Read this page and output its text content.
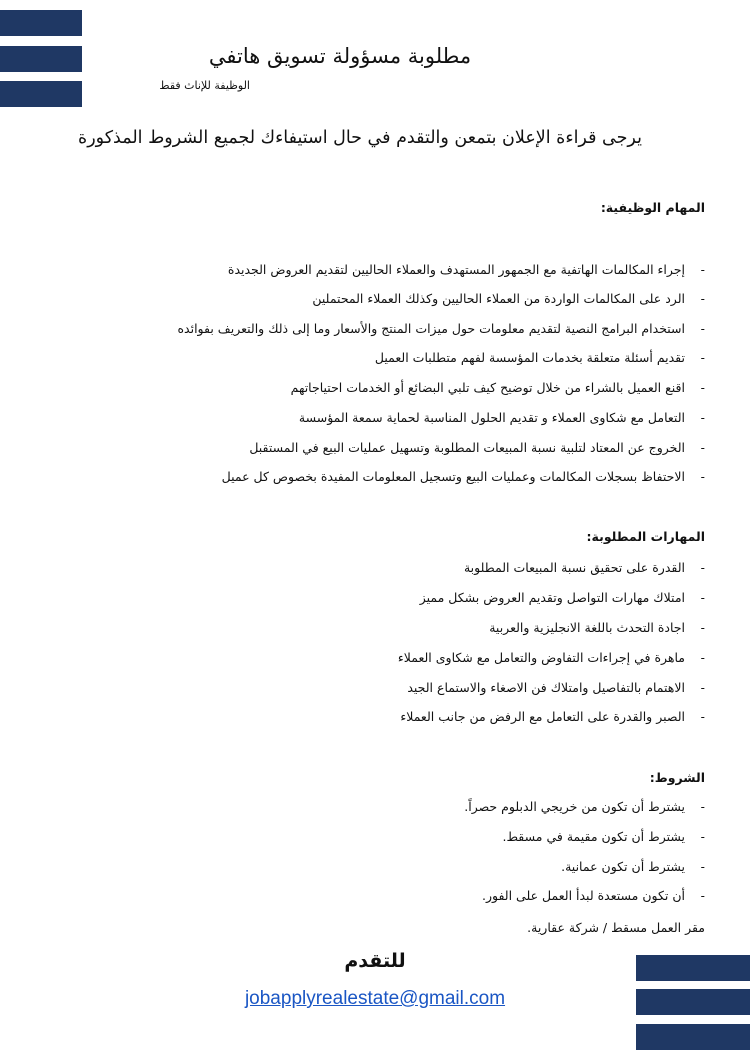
مطلوبة مسؤولة تسويق هاتفي
الوظيفة للإناث فقط
يرجى قراءة الإعلان بتمعن والتقدم في حال استيفاءك لجميع الشروط المذكورة
المهام الوظيفية:
-
إجراء المكالمات الهاتفية مع الجمهور المستهدف والعملاء الحاليين لتقديم العروض الجديدة
-
الرد على المكالمات الواردة من العملاء الحاليين وكذلك العملاء المحتملين
-
استخدام البرامج النصية لتقديم معلومات حول ميزات المنتج والأسعار وما إلى ذلك والتعريف بفوائده
-
تقديم أسئلة متعلقة بخدمات المؤسسة لفهم متطلبات العميل
-
اقنع العميل بالشراء من خلال توضيح كيف تلبي البضائع أو الخدمات احتياجاتهم
-
التعامل مع شكاوى العملاء و تقديم الحلول المناسبة لحماية سمعة المؤسسة
-
الخروج عن المعتاد لتلبية نسبة المبيعات المطلوبة وتسهيل عمليات البيع في المستقبل
-
الاحتفاظ بسجلات المكالمات وعمليات البيع وتسجيل المعلومات المفيدة بخصوص كل عميل
المهارات المطلوبة:
-
القدرة على تحقيق نسبة المبيعات المطلوبة
-
امتلاك مهارات التواصل وتقديم العروض بشكل مميز
-
اجادة التحدث باللغة الانجليزية والعربية
-
ماهرة في إجراءات التفاوض والتعامل مع شكاوى العملاء
-
الاهتمام بالتفاصيل وامتلاك فن الاصغاء والاستماع الجيد
-
الصبر والقدرة على التعامل مع الرفض من جانب العملاء
الشروط:
-
يشترط أن تكون من خريجي الدبلوم حصراً.
-
يشترط أن تكون مقيمة في مسقط.
-
يشترط أن تكون عمانية.
-
أن تكون مستعدة لبدأ العمل على الفور.
مقر العمل مسقط / شركة عقارية.
للتقدم
jobapplyrealestate@gmail.com
